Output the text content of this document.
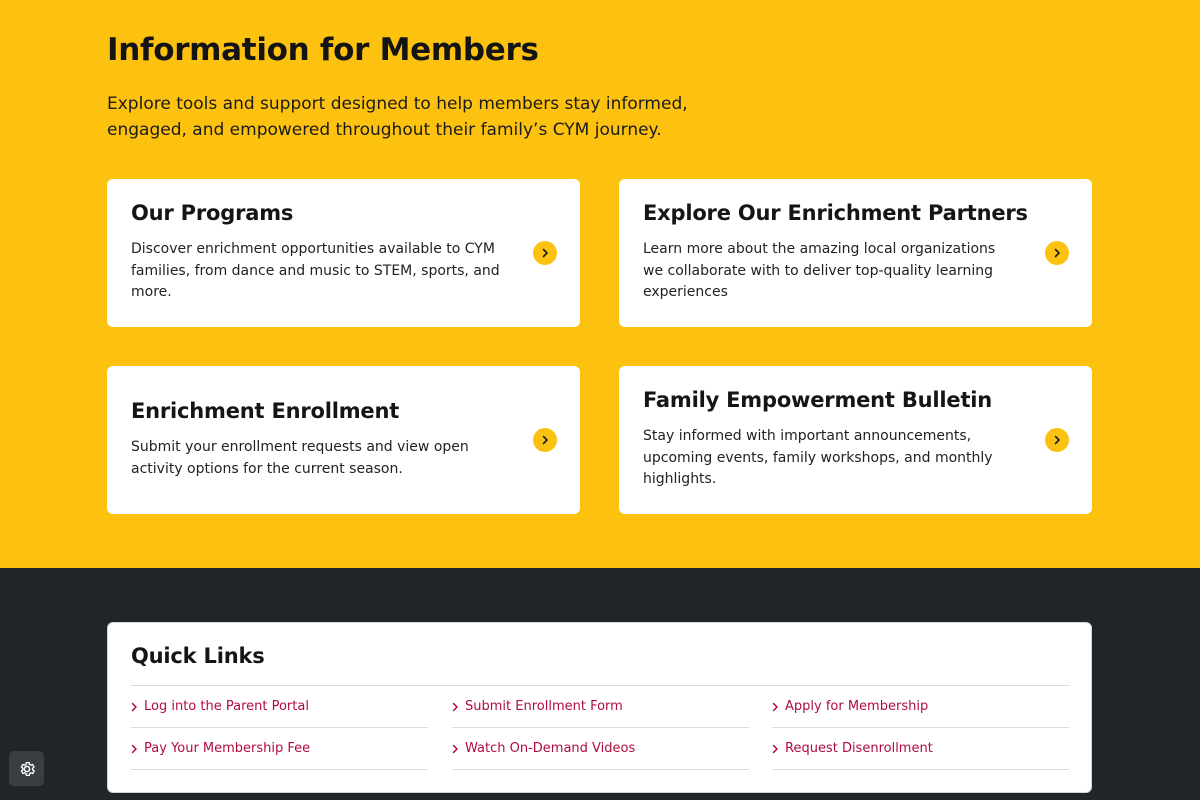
Information for Members

Explore tools and support designed to help members stay informed, engaged, and empowered throughout their family’s CYM journey.

Our Programs

Discover enrichment opportunities available to CYM families, from dance and music to STEM, sports, and more.

Explore Our Enrichment Partners

Learn more about the amazing local organizations we collaborate with to deliver top-quality learning experiences

Enrichment Enrollment

Submit your enrollment requests and view open activity options for the current season.

Family Empowerment Bulletin

Stay informed with important announcements, upcoming events, family workshops, and monthly highlights.

Quick Links
Log into the Parent Portal	Submit Enrollment Form	Apply for Membership
Pay Your Membership Fee	Watch On-Demand Videos	Request Disenrollment
